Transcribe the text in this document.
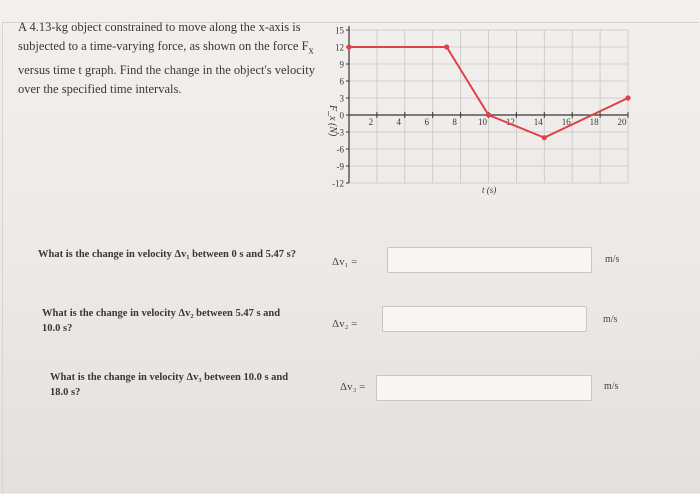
A 4.13-kg object constrained to move along the x-axis is
subjected to a time-varying force, as shown on the force $F_x$
versus time t graph. Find the change in the object's velocity
over the specified time intervals.
15
12
9
6
3
0
-3
-6
-9
-12
2	4	6	8 10 12 14 16 18 20
F_x (N)
t (s)
What is the change in velocity Δv₁ between 0 s and 5.47 s?
Δv₁ =	m/s
What is the change in velocity Δv₂ between 5.47 s and
10.0 s?	Δv₂ =	m/s
What is the change in velocity Δv₃ between 10.0 s and
18.0 s?	Δv₃ =	m/s
